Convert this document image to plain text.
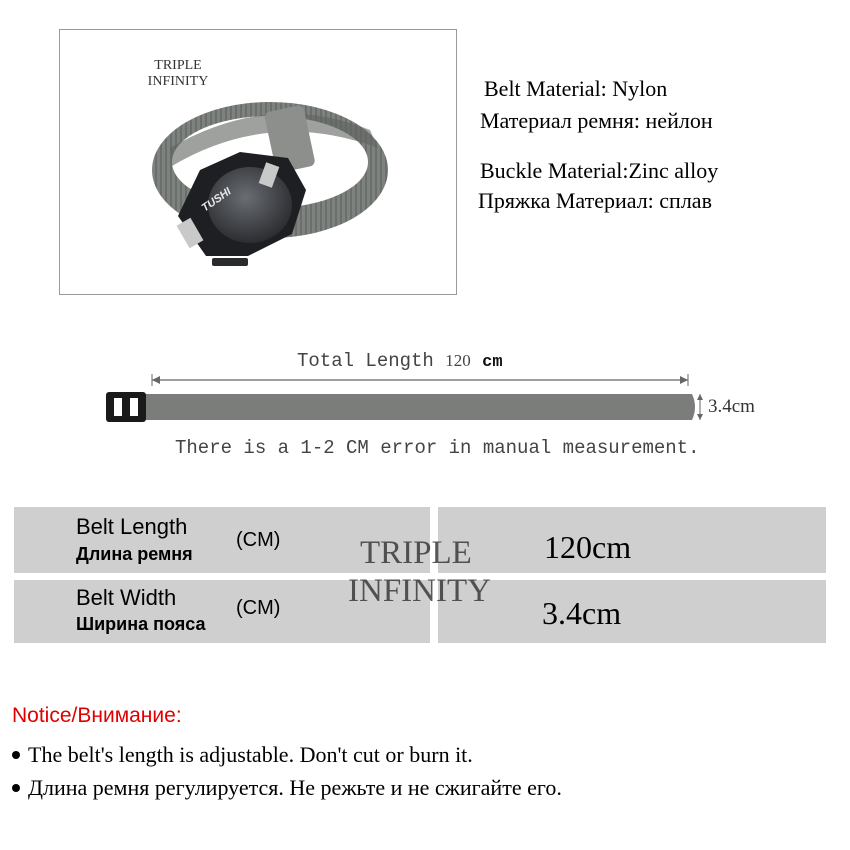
TRIPLE
INFINITY
TUSHI
Belt Material: Nylon
Материал ремня: нейлон
Buckle Material:Zinc alloy
Пряжка Материал: сплав
Total Length 120 cm
3.4cm
There is a 1-2 CM error in manual measurement.
Belt Length
Длина ремня
(CM)	120cm
Belt Width
Ширина пояса
(CM)	3.4cm
TRIPLE
INFINITY
Notice/Внимание:
The belt's length is adjustable. Don't cut or burn it.
Длина ремня регулируется. Не режьте и не сжигайте его.
